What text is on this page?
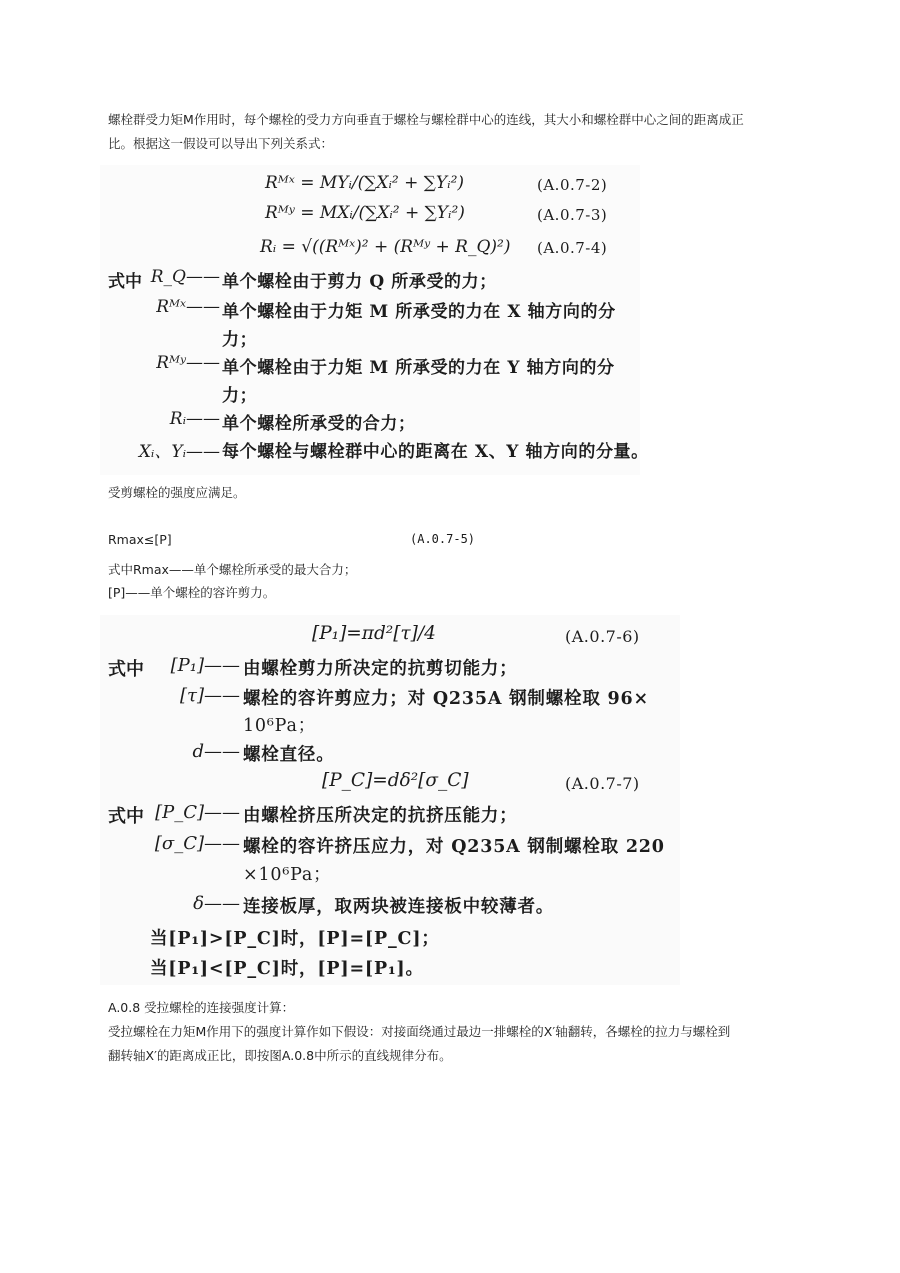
螺栓群受力矩M作用时，每个螺栓的受力方向垂直于螺栓与螺栓群中心的连线，其大小和螺栓群中心之间的距离成正
比。根据这一假设可以导出下列关系式：
Rᴹˣ = MYᵢ/(∑Xᵢ² + ∑Yᵢ²)	(A.0.7-2)
Rᴹʸ = MXᵢ/(∑Xᵢ² + ∑Yᵢ²)	(A.0.7-3)
Rᵢ = √((Rᴹˣ)² + (Rᴹʸ + R_Q)²) (A.0.7-4)
式中 R_Q—— 单个螺栓由于剪力 Q 所承受的力；
Rᴹˣ—— 单个螺栓由于力矩 M 所承受的力在 X 轴方向的分
力；
Rᴹʸ—— 单个螺栓由于力矩 M 所承受的力在 Y 轴方向的分
力；
Rᵢ—— 单个螺栓所承受的合力；
Xᵢ、Yᵢ—— 每个螺栓与螺栓群中心的距离在 X、Y 轴方向的分量。
受剪螺栓的强度应满足。
Rmax≤[P]	(A.0.7-5)
式中Rmax——单个螺栓所承受的最大合力；
[P]——单个螺栓的容许剪力。
[P₁]=πd²[τ]/4	(A.0.7-6)
式中	[P₁]—— 由螺栓剪力所决定的抗剪切能力；
[τ]—— 螺栓的容许剪应力；对 Q235A 钢制螺栓取 96×
10⁶Pa；
d—— 螺栓直径。
[P_C]=dδ²[σ_C]	(A.0.7-7)
式中 [P_C]—— 由螺栓挤压所决定的抗挤压能力；
[σ_C]—— 螺栓的容许挤压应力，对 Q235A 钢制螺栓取 220
×10⁶Pa；
δ—— 连接板厚，取两块被连接板中较薄者。
当[P₁]>[P_C]时，[P]=[P_C]；
当[P₁]<[P_C]时，[P]=[P₁]。
A.0.8 受拉螺栓的连接强度计算：
受拉螺栓在力矩M作用下的强度计算作如下假设：对接面绕通过最边一排螺栓的X′轴翻转，各螺栓的拉力与螺栓到
翻转轴X′的距离成正比，即按图A.0.8中所示的直线规律分布。
